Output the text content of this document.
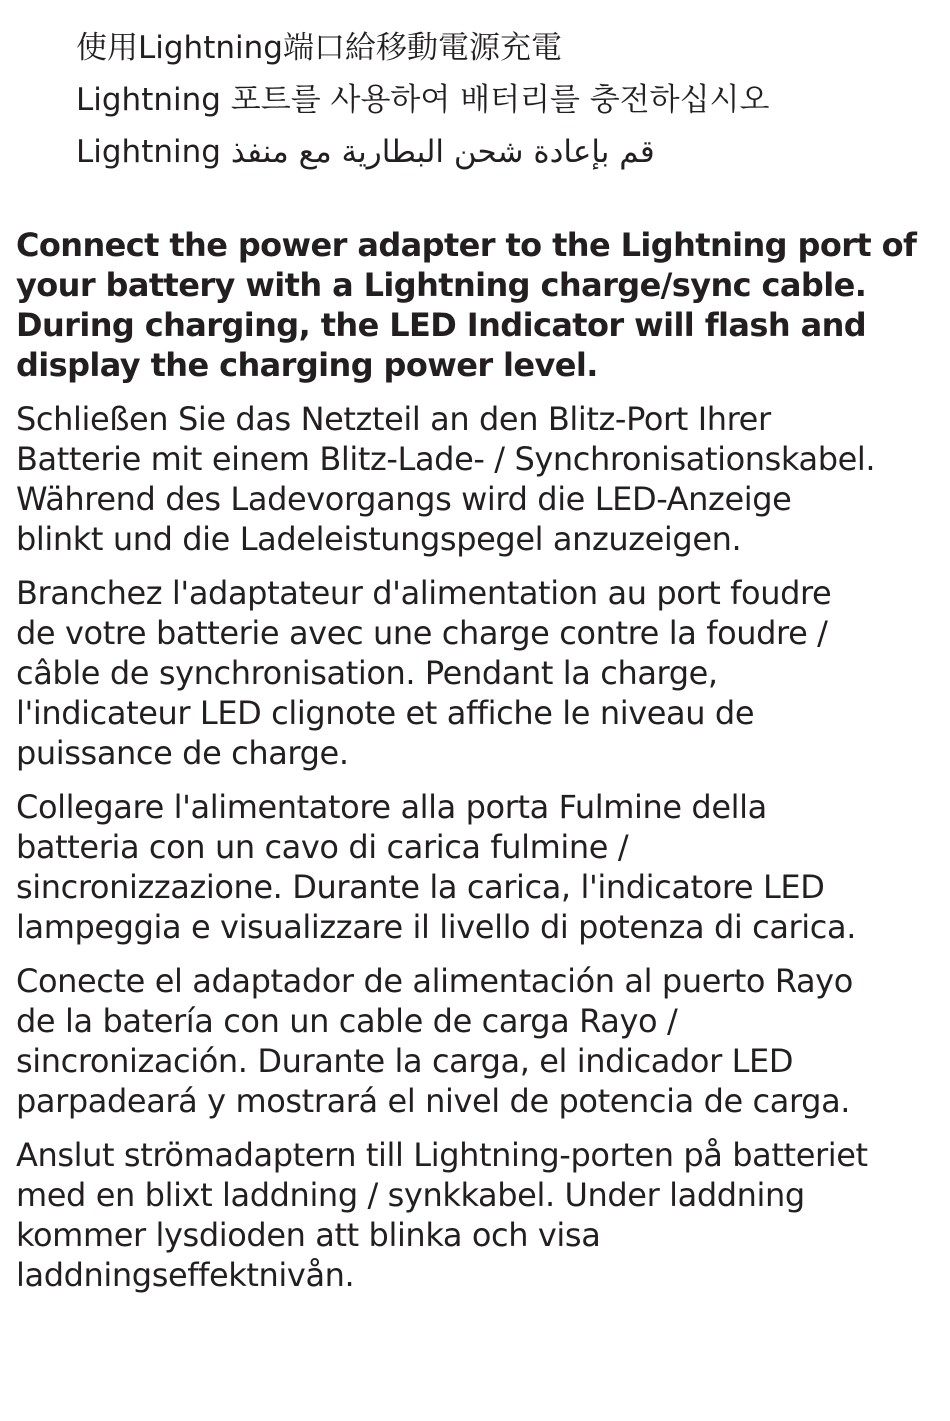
使用Lightning端口給移動電源充電
Lightning 포트를 사용하여 배터리를 충전하십시오
Lightning قم بإعادة شحن البطارية مع منفذ
Connect the power adapter to the Lightning port of
your battery with a Lightning charge/sync cable.
During charging, the LED Indicator will flash and
display the charging power level.
Schließen Sie das Netzteil an den Blitz-Port Ihrer
Batterie mit einem Blitz-Lade- / Synchronisationskabel.
Während des Ladevorgangs wird die LED-Anzeige
blinkt und die Ladeleistungspegel anzuzeigen.
Branchez l'adaptateur d'alimentation au port foudre
de votre batterie avec une charge contre la foudre /
câble de synchronisation. Pendant la charge,
l'indicateur LED clignote et affiche le niveau de
puissance de charge.
Collegare l'alimentatore alla porta Fulmine della
batteria con un cavo di carica fulmine /
sincronizzazione. Durante la carica, l'indicatore LED
lampeggia e visualizzare il livello di potenza di carica.
Conecte el adaptador de alimentación al puerto Rayo
de la batería con un cable de carga Rayo /
sincronización. Durante la carga, el indicador LED
parpadeará y mostrará el nivel de potencia de carga.
Anslut strömadaptern till Lightning-porten på batteriet
med en blixt laddning / synkkabel. Under laddning
kommer lysdioden att blinka och visa
laddningseffektnivån.
